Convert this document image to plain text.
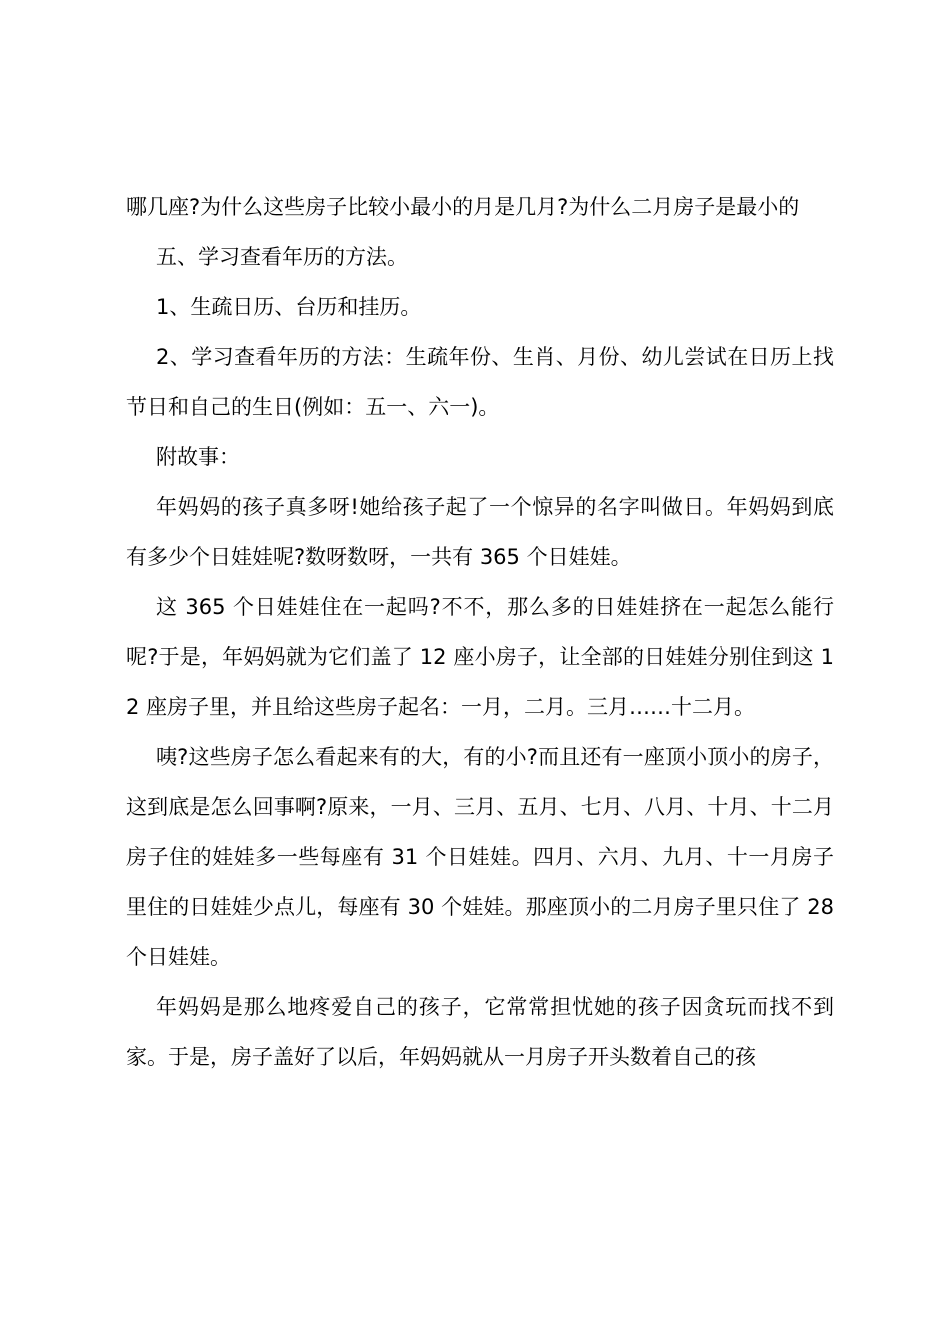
哪几座?为什么这些房子比较小最小的月是几月?为什么二月房子是最小的

五、学习查看年历的方法。

1、生疏日历、台历和挂历。

2、学习查看年历的方法：生疏年份、生肖、月份、幼儿尝试在日历上找节日和自己的生日(例如：五一、六一)。

附故事：

年妈妈的孩子真多呀!她给孩子起了一个惊异的名字叫做日。年妈妈到底有多少个日娃娃呢?数呀数呀，一共有 365 个日娃娃。

这 365 个日娃娃住在一起吗?不不，那么多的日娃娃挤在一起怎么能行呢?于是，年妈妈就为它们盖了 12 座小房子，让全部的日娃娃分别住到这 12 座房子里，并且给这些房子起名：一月，二月。三月……十二月。

咦?这些房子怎么看起来有的大，有的小?而且还有一座顶小顶小的房子，这到底是怎么回事啊?原来，一月、三月、五月、七月、八月、十月、十二月房子住的娃娃多一些每座有 31 个日娃娃。四月、六月、九月、十一月房子里住的日娃娃少点儿，每座有 30 个娃娃。那座顶小的二月房子里只住了 28 个日娃娃。

年妈妈是那么地疼爱自己的孩子，它常常担忧她的孩子因贪玩而找不到家。于是，房子盖好了以后，年妈妈就从一月房子开头数着自己的孩
